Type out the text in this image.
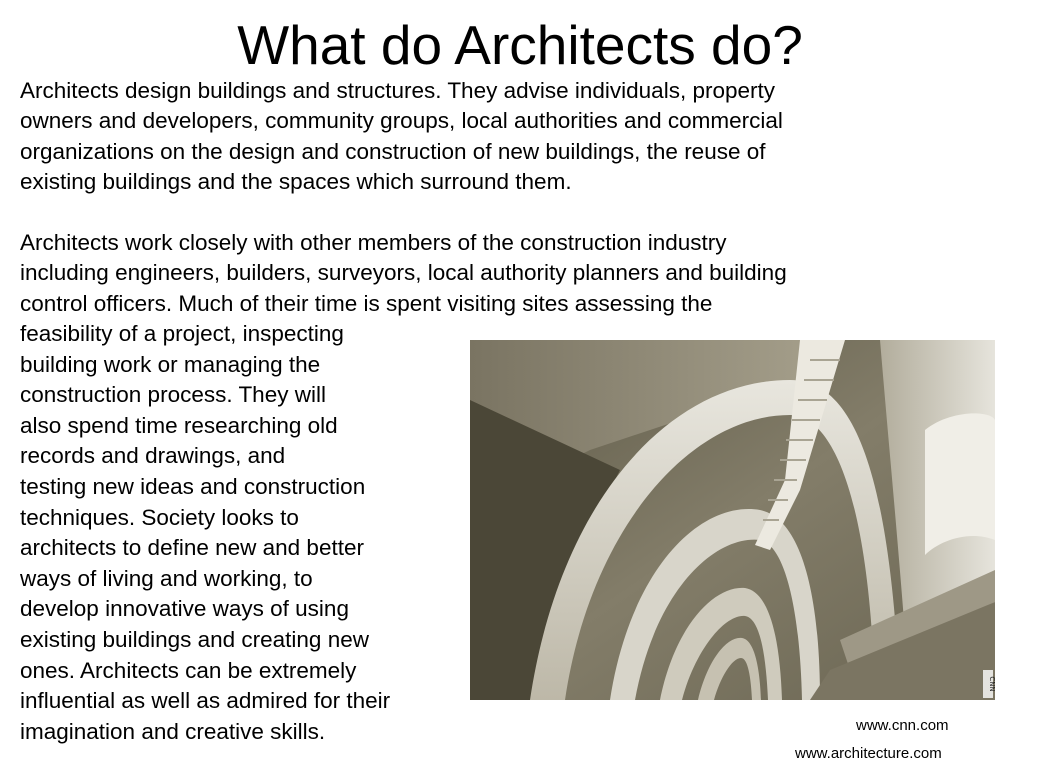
What do Architects do?
Architects design buildings and structures. They advise individuals, property
owners and developers, community groups, local authorities and commercial
organizations on the design and construction of new buildings, the reuse of
existing buildings and the spaces which surround them.
Architects work closely with other members of the construction industry
including engineers, builders, surveyors, local authority planners and building
control officers. Much of their time is spent visiting sites assessing the
feasibility of a project, inspecting
building work or managing the
construction process. They will
also spend time researching old
records and drawings, and
testing new ideas and construction
techniques. Society looks to
architects to define new and better
ways of living and working, to
develop innovative ways of using
existing buildings and creating new
ones. Architects can be extremely
influential as well as admired for their
imagination and creative skills.
CNN
www.cnn.com
www.architecture.com
